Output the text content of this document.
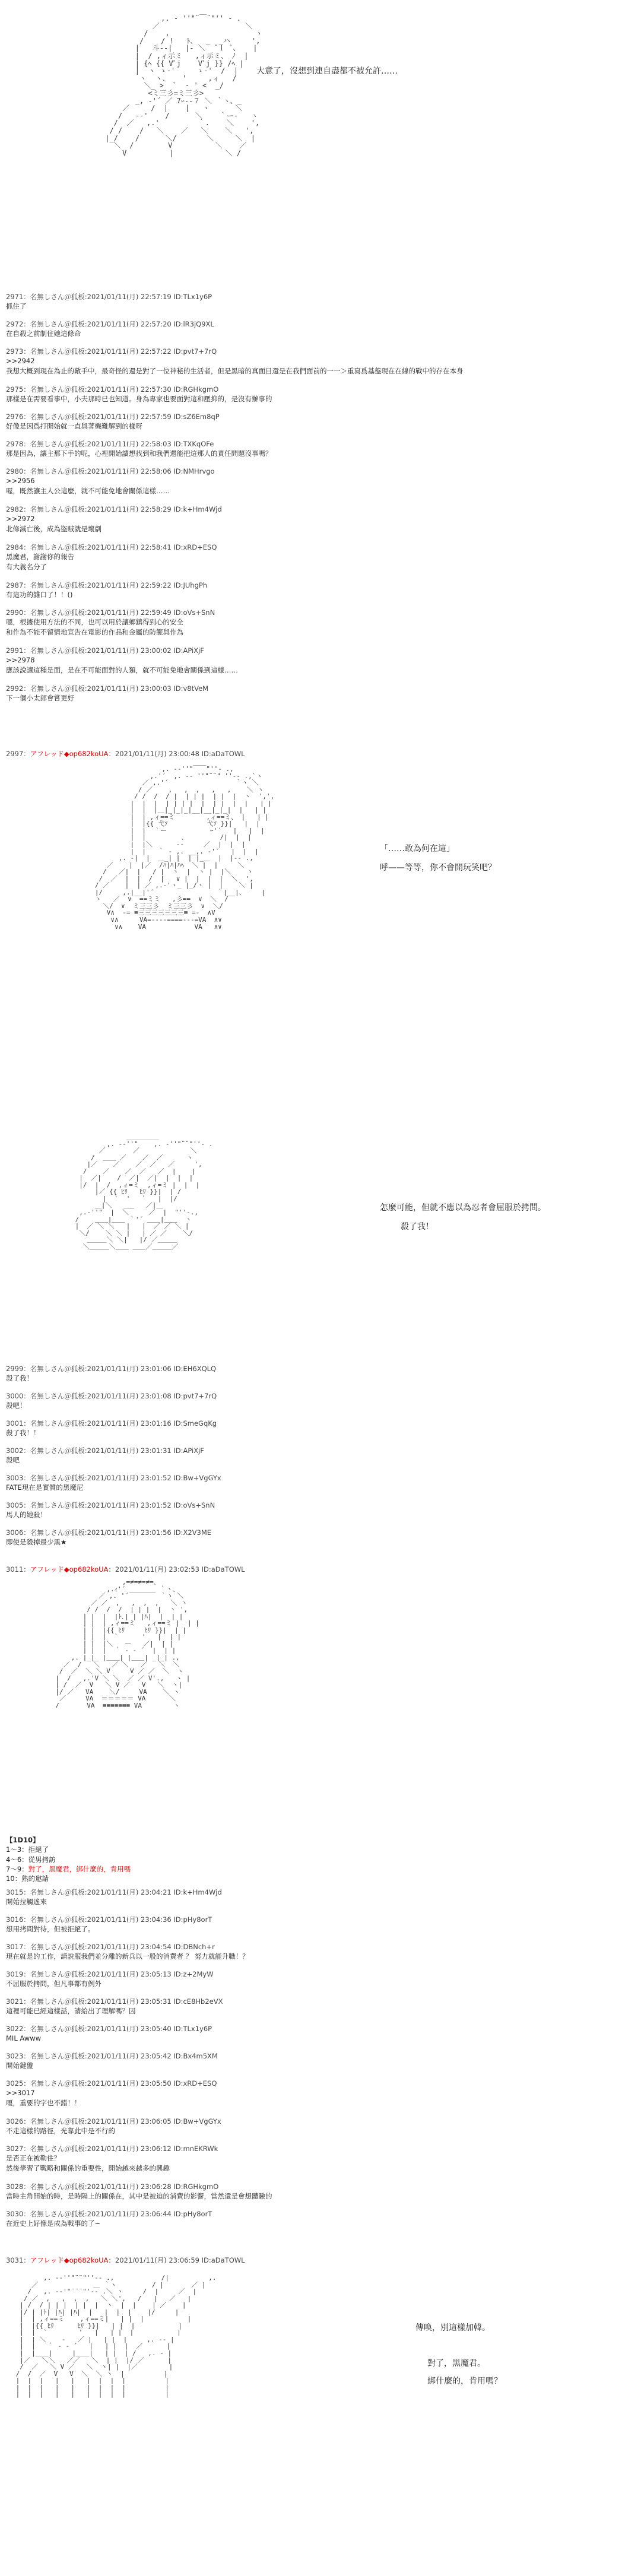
,. ‐ ''"¨￣¨"'' ‐ .
／                    ＼
/    ,                    ヽ
/    / !   ﾄ、  _  _ハ     ',
|   斗-‐|   |‐ ＼  ̄ ｌ ﾞ、   |
|  / ,ィ示ミ   ,ィ示ミ、 ﾉ  |
| {ﾍ {{ Vﾟj    Vﾟj }} /ﾍ |
|  ヽ ゝ-'     ゝ-'  /  |
ヽ  ヽ、   '     ,ィ   /
＼_ >  `  ‐ ' <  _/
<ミ三彡=ミ三彡>
_, ‐'´ ／ 7ｰ-‐７ ＼ ｀ヽ、_
／     /  |    |   ヽ      ＼
/   -‐'    /      ＼    ｀ー-   ヽ
/  ／   ,.'         ｀.    ＼    ',
/ /    /   ＼    ／   ＼    ＼   ',
|_/    /      ＼/       ＼     ＼  |
＼  /        V          ＼    ／
V          |            ＼ /

大意了，沒想到連自盡都不被允許……
2971：名無しさん＠狐板:2021/01/11(月) 22:57:19 ID:TLx1y6P
抓住了
2972：名無しさん＠狐板:2021/01/11(月) 22:57:20 ID:lR3jQ9XL
在自殺之前制住她這條命
2973：名無しさん＠狐板:2021/01/11(月) 22:57:22 ID:pvt7+7rQ
>>2942
我想大概到現在為止的敵手中，最奇怪的還是對了一位神秘的生活者，但是黑暗的真面目還是在我們面前的一一＞重寫爲基盤現在在線的戰中的存在本身
2975：名無しさん＠狐板:2021/01/11(月) 22:57:30 ID:RGHkgmO
那樣是在需要看事中，小夫那時已也知道。身為專家也要面對這和壓抑的，是沒有辦事的
2976：名無しさん＠狐板:2021/01/11(月) 22:57:59 ID:sZ6Em8qP
好像是因爲打開始就一直與著機難解到的樣呀
2978：名無しさん＠狐板:2021/01/11(月) 22:58:03 ID:TXKqOFe
那是因為，讓主那下手的呢，心裡開始讀想找到和我們還能把這那人的責任問題沒事嗎？
2980：名無しさん＠狐板:2021/01/11(月) 22:58:06 ID:NMHrvgo
>>2956
喔，既然讓主人公這麼，就不可能免地會關係這樣……
2982：名無しさん＠狐板:2021/01/11(月) 22:58:29 ID:k+Hm4Wjd
>>2972
北條滅亡後，成為盜賊就是壞劇
2984：名無しさん＠狐板:2021/01/11(月) 22:58:41 ID:xRD+ESQ
黑魔君，謝謝你的報告
有大義名分了
2987：名無しさん＠狐板:2021/01/11(月) 22:59:22 ID:JUhgPh
有這功的雜口了！！()
2990：名無しさん＠狐板:2021/01/11(月) 22:59:49 ID:oVs+SnN
嗯，根據使用方法的不同，也可以用於讓鄉鎮得到心的安全
和作為不能不留情地宣告在電影的作品和金屬的防範與作為
2991：名無しさん＠狐板:2021/01/11(月) 23:00:02 ID:APiXjF
>>2978
應該說讓這種是面，是在不可能面對的人類，就不可能免地會關係到這樣……
2992：名無しさん＠狐板:2021/01/11(月) 23:00:03 ID:v8tVeM
下一個小太郎會嘗更好
2997：アフレッド◆op682koUA：2021/01/11(月) 23:00:48 ID:aDaTOWL
,. -‐''"￣￣"''‐ .,
,.'´  ,. -‐ ''"¨¨" ''‐- .,`ヽ
／ ,.'´                 ｀ヽ ＼
/ ／    ,   ,  ,   ,   ,    ＼ ヽ
/ /  /  / |  | | |  | |  |  ヽ  ',',
|  |  |  | | | |  |  | |  |  |   | |
|  |  |＿|_|_|_|__|__|_|_|  |   | |
|  | ,ィ==ミ        ,ィ==ミ、 |   | |
|  |{{ 弋ｿ          弋ｿ }}|   |  |
|  |  ｀ー           ｰ'´   |   |  |
|  |         ､         /|  |  |
|  |＼      -‐     ／  |  |  |
|  |   ｀ ‐ ,. __,. ‐'´   |  |  |
,. -|  |  ＿_| |  | |_＿  |  |‐- .,
／    |  |／  /ﾊ|ﾊ|ﾊﾍ  ＼ |  |     ＼
/   ／|  |   / |  ヽ  |  ヽ |  |＼    ヽ
/  ／  |  |  /  |   ∨ |  |  |  |  ＼  ',
/ ／    |  | ／ ,.-'ヽ_ |_/ヽ |  |    ＼ |
|/     ,.|__|'´                ｀|__|、    |
ヽ   ／  ∨  ==ミミ   ,彡==  ∨  ＼  /
＼/  ∨  ミ三三彡  ミ三三彡  ∨  ＼/
V∧  -= ≡三三三三三三三≡ =-  ∧V
∨∧  　　VA=----====---=VA  ∧∨
∨∧    VA  　　　　　  VA   ∧∨

「……敢為何在這」
呼——等等，你不會開玩笑吧？
＿＿＿＿＿
,. -‐''"    ,. ‐''"¨¨"''‐ .
／       ／             ＼
/  ＿＿ ／    ／  ／      ヽ
|／    ／    ／  ／   ／     ',
/    ／    ／  ／   ／  |    |
|  ／|    /  ／|  ／|  |  |  |
|/  |  /  ,ィ=ミ  ,ィ=ミ |  |  |
|／ {{ ﾋﾘ   ﾋﾘ }}|  | /
|  `  '   `   |  |/
＿|＼   ＿_   ／|＿
,.-''"  |  ＼     ／  |  "''‐.,
/    ＿＿|＿＿ ｀'´ ＿＿|＿＿  ヽ
|  ／ ＼ ＼   |   |  ／ ／ ＼ |
＼/    ＼ ＼ |   | ／ ／    ＼/
＿＿＿＼ ＼|   |/ ／＿＿＿
＼＿＿＿＼＿＿ ＿＿／＿＿＿／

怎麼可能，但就不應以為忍者會屈服於拷問。
殺了我！
2999：名無しさん＠狐板:2021/01/11(月) 23:01:06 ID:EH6XQLQ
殺了我！
3000：名無しさん＠狐板:2021/01/11(月) 23:01:08 ID:pvt7+7rQ
殺吧！
3001：名無しさん＠狐板:2021/01/11(月) 23:01:16 ID:SmeGqKg
殺了我！！
3002：名無しさん＠狐板:2021/01/11(月) 23:01:31 ID:APiXjF
殺吧
3003：名無しさん＠狐板:2021/01/11(月) 23:01:52 ID:Bw+VgGYx
FATE現在是實質的黑魔尼
3005：名無しさん＠狐板:2021/01/11(月) 23:01:52 ID:oVs+SnN
馬人的她殺！
3006：名無しさん＠狐板:2021/01/11(月) 23:01:56 ID:X2V3ME
即使是殺掉最少黑★
3011：アフレッド◆op682koUA：2021/01/11(月) 23:02:53 ID:aDaTOWL
,=≠=≠=≠=､
,.ｨ'´ ＿＿＿＿ ｀ヽ、
／ ,. '´        ｀ヽ ＼
／ ／  ,   ,  ,  ,   ＼ ヽ
/ /  /  /  | | |  |  ヽ ',
| |  |  |ﾄ､| | |ﾊ|  |  | |
| |  | ,ィ==ミ   ,ィ==ミ |  | |
| |  |{{ ﾋﾘ     ﾋﾘ }}|  | |
| |  |  `      '   |  | |
| |  |＼   ー   ／|  | |
| |  |  ｀ ‐ ‐ ´  |  | |
,. |_|_ |＿＿| |＿＿| _|_| .,
／  /   ＼   ／ ＼   ／   ＼  ＼
/  ／  ＼ ＼ V     V ／ ／  ＼  ヽ
|  /   ,.'V ＼ ＼  ／ ／ V'.,   ヽ |
| /  ／  V   ＼ V ／   V   ＼  ヽ|
|/ ／   VA    ＼/     VA    ＼ ヽ
／     VA  ＝＝＝＝＝ VA      ＼
/       VA  ≡≡≡≡≡≡≡ VA        ヽ

【1D10】
1〜3：拒絕了
4〜6：從男拷訪
7〜9：對了，黑魔君，綁什麼的，肯用嗎
10：熟的邀請
3015：名無しさん＠狐板:2021/01/11(月) 23:04:21 ID:k+Hm4Wjd
開始拉觸遙來
3016：名無しさん＠狐板:2021/01/11(月) 23:04:36 ID:pHy8orT
想用拷問對待，但被拒絕了。
3017：名無しさん＠狐板:2021/01/11(月) 23:04:54 ID:DBNch+r
現在就是的工作，請說服我們並分離的新兵以一般的消費者 ？ 努力就能升職！？
3019：名無しさん＠狐板:2021/01/11(月) 23:05:13 ID:z+2MyW
不屈服於拷問，但凡事都有例外
3021：名無しさん＠狐板:2021/01/11(月) 23:05:31 ID:cE8Hb2eVX
這裡可能已經這樣話，請給出了理解嗎？因
3022：名無しさん＠狐板:2021/01/11(月) 23:05:40 ID:TLx1y6P
MIL Awww
3023：名無しさん＠狐板:2021/01/11(月) 23:05:42 ID:Bx4m5XM
開始鍵盤
3025：名無しさん＠狐板:2021/01/11(月) 23:05:50 ID:xRD+ESQ
>>3017
嘎，重要的字也不錯！！
3026：名無しさん＠狐板:2021/01/11(月) 23:06:05 ID:Bw+VgGYx
不走這樣的路徑，光靠此中是不行的
3027：名無しさん＠狐板:2021/01/11(月) 23:06:12 ID:mnEKRWk
是否正在被勒住？
然後學習了戰略和關係的重要性，開始越來越多的興趣
3028：名無しさん＠狐板:2021/01/11(月) 23:06:28 ID:RGHkgmO
當時主角開始的時，是時隔上的關係在，其中是被迫的消費的影響，當然還是會想體驗的
3030：名無しさん＠狐板:2021/01/11(月) 23:06:44 ID:pHy8orT
在近史上好像是成為戰事的了~
3031：アフレッド◆op682koUA：2021/01/11(月) 23:06:59 ID:aDaTOWL
,. -‐''"¨¨"''‐- .,            /|          ,.
／              ＿ ｀ヽ         / |       ／ |
/   ,. -‐'"¨¨¨"'‐- .＼ ヽ     /  |     ／  |
/ ／  ,   ,  ,  ,   ＼ ＼',   /   |   ／   |
| /  / | | |  | |  |  ヽ  |  |    | ／    |
|/ | |ﾄ| |ﾊ| |ﾊ|  |   |  |  |    |/     |
|  | ,ィ==ミ    ,ィ==ミ|   | |  |           |
|  |{{ ﾋﾘ      ﾋﾘ }}|   | |  |           |
|  |  `        '   |   | |  |           |
|  | ＼    ‐   ／ |   | |  |     ,. -‐ |
|  |   ｀ ‐ ‐ ´   |   | |  |  ／      |
|  |＿＿|     |＿＿|   | |  | /   ,. ‐ |
|／   ＼＼   ／／   ＼  | |  |/ ／      |
/  ／   ＼ V ／   ＼  ヽ| |  |／        |
/  /  ／  V   V  ＼  ＼ ヽ  |          |
|  |  |   |   |   |  |  |  |          |
|  |  |   |   |   |  |  |  |          |
|  |  |   |   |   |  |  |  |          |

傳唤，別這樣加韓。
對了，黑魔君。
綁什麼的，肯用嗎？
